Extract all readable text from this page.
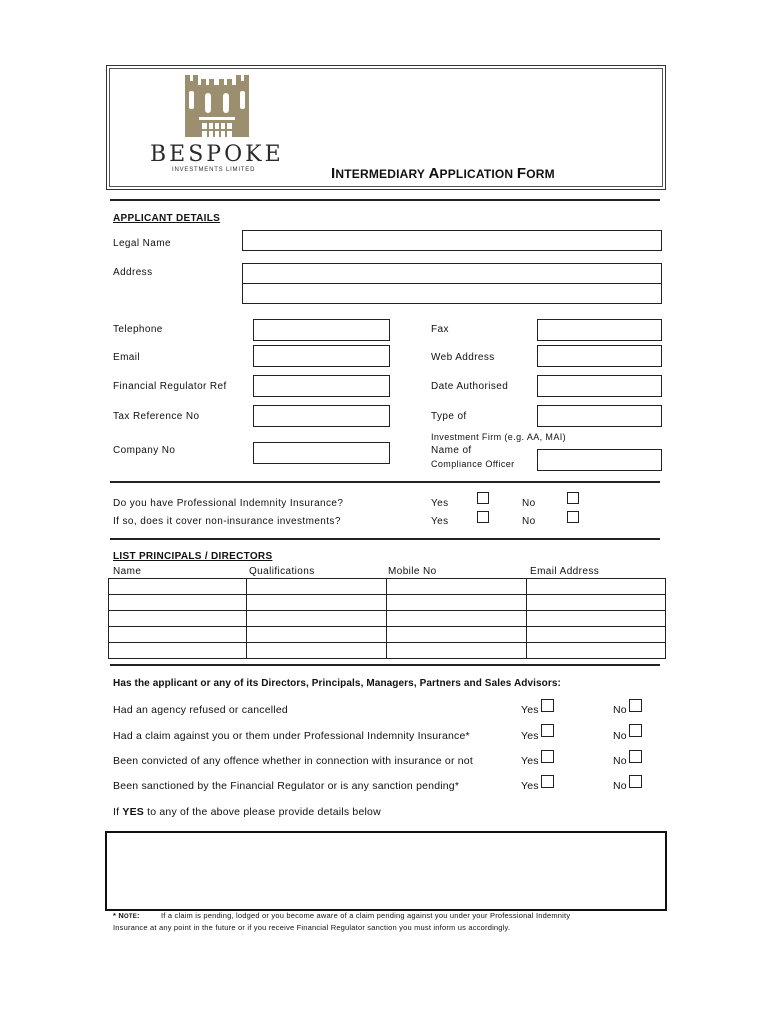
BESPOKE
INVESTMENTS LIMITED	INTERMEDIARY APPLICATION FORM
APPLICANT DETAILS
Legal Name
Address
Telephone	Fax
Email	Web Address
Financial Regulator Ref	Date Authorised
Tax Reference No	Type of
Investment Firm (e.g. AA, MAI)
Company No	Name of
Compliance Officer
Do you have Professional Indemnity Insurance?	Yes	No
If so, does it cover non-insurance investments?	Yes	No
LIST PRINCIPALS / DIRECTORS
Name	Qualifications	Mobile No	Email Address

Has the applicant or any of its Directors, Principals, Managers, Partners and Sales Advisors:
Had an agency refused or cancelled	Yes	No
Had a claim against you or them under Professional Indemnity Insurance*	Yes	No
Been convicted of any offence whether in connection with insurance or not	Yes	No
Been sanctioned by the Financial Regulator or is any sanction pending*	Yes	No
If YES to any of the above please provide details below
* NOTE:	If a claim is pending, lodged or you become aware of a claim pending against you under your Professional Indemnity
Insurance at any point in the future or if you receive Financial Regulator sanction you must inform us accordingly.
